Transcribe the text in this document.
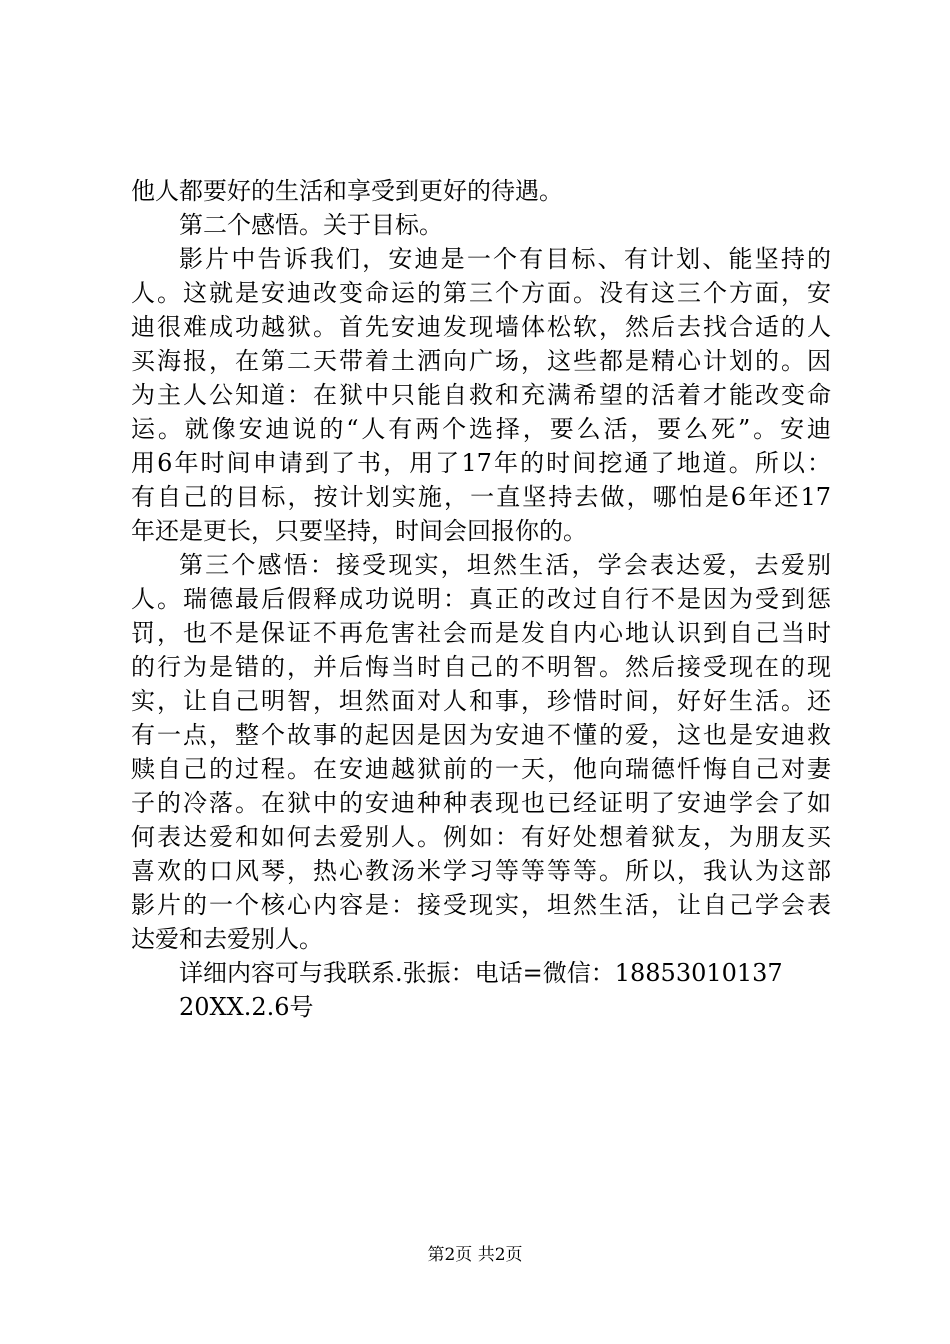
他人都要好的生活和享受到更好的待遇。
第二个感悟。关于目标。
影片中告诉我们，安迪是一个有目标、有计划、能坚持的
人。这就是安迪改变命运的第三个方面。没有这三个方面，安
迪很难成功越狱。首先安迪发现墙体松软，然后去找合适的人
买海报，在第二天带着土洒向广场，这些都是精心计划的。因
为主人公知道：在狱中只能自救和充满希望的活着才能改变命
运。就像安迪说的“人有两个选择，要么活，要么死”。安迪
用6年时间申请到了书，用了17年的时间挖通了地道。所以：
有自己的目标，按计划实施，一直坚持去做，哪怕是6年还17
年还是更长，只要坚持，时间会回报你的。
第三个感悟：接受现实，坦然生活，学会表达爱，去爱别
人。瑞德最后假释成功说明：真正的改过自行不是因为受到惩
罚，也不是保证不再危害社会而是发自内心地认识到自己当时
的行为是错的，并后悔当时自己的不明智。然后接受现在的现
实，让自己明智，坦然面对人和事，珍惜时间，好好生活。还
有一点，整个故事的起因是因为安迪不懂的爱，这也是安迪救
赎自己的过程。在安迪越狱前的一天，他向瑞德忏悔自己对妻
子的冷落。在狱中的安迪种种表现也已经证明了安迪学会了如
何表达爱和如何去爱别人。例如：有好处想着狱友，为朋友买
喜欢的口风琴，热心教汤米学习等等等等。所以，我认为这部
影片的一个核心内容是：接受现实，坦然生活，让自己学会表
达爱和去爱别人。
详细内容可与我联系.张振：电话=微信：18853010137
20XX.2.6号
第2页 共2页
